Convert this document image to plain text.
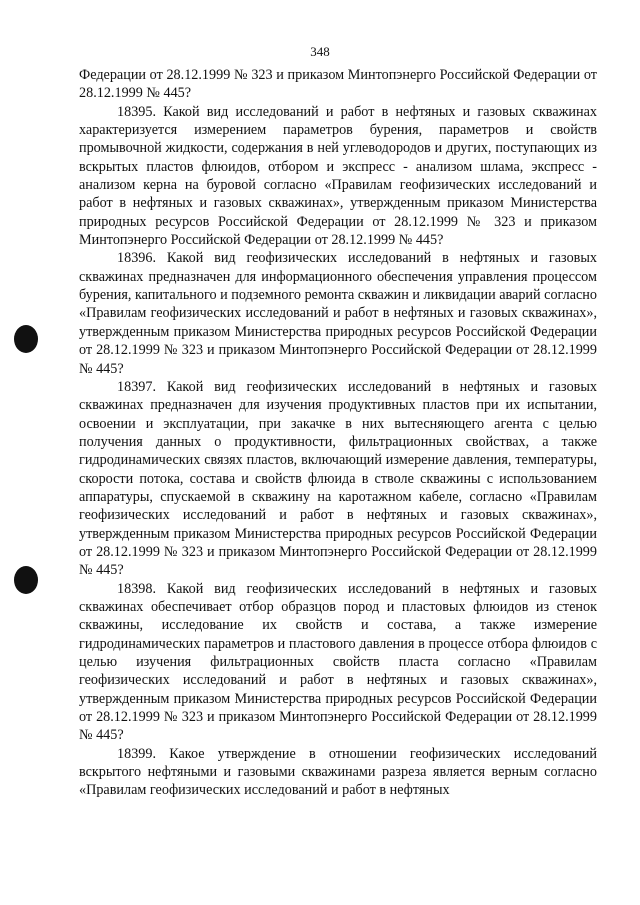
348

Федерации от 28.12.1999 № 323 и приказом Минтопэнерго Российской Федерации от 28.12.1999 № 445?

18395. Какой вид исследований и работ в нефтяных и газовых скважинах характеризуется измерением параметров бурения, параметров и свойств промывочной жидкости, содержания в ней углеводородов и других, поступающих из вскрытых пластов флюидов, отбором и экспресс - анализом шлама, экспресс - анализом керна на буровой согласно «Правилам геофизических исследований и работ в нефтяных и газовых скважинах», утвержденным приказом Министерства природных ресурсов Российской Федерации от 28.12.1999 № 323 и приказом Минтопэнерго Российской Федерации от 28.12.1999 № 445?

18396. Какой вид геофизических исследований в нефтяных и газовых скважинах предназначен для информационного обеспечения управления процессом бурения, капитального и подземного ремонта скважин и ликвидации аварий согласно «Правилам геофизических исследований и работ в нефтяных и газовых скважинах», утвержденным приказом Министерства природных ресурсов Российской Федерации от 28.12.1999 № 323 и приказом Минтопэнерго Российской Федерации от 28.12.1999 № 445?

18397. Какой вид геофизических исследований в нефтяных и газовых скважинах предназначен для изучения продуктивных пластов при их испытании, освоении и эксплуатации, при закачке в них вытесняющего агента с целью получения данных о продуктивности, фильтрационных свойствах, а также гидродинамических связях пластов, включающий измерение давления, температуры, скорости потока, состава и свойств флюида в стволе скважины с использованием аппаратуры, спускаемой в скважину на каротажном кабеле, согласно «Правилам геофизических исследований и работ в нефтяных и газовых скважинах», утвержденным приказом Министерства природных ресурсов Российской Федерации от 28.12.1999 № 323 и приказом Минтопэнерго Российской Федерации от 28.12.1999 № 445?

18398. Какой вид геофизических исследований в нефтяных и газовых скважинах обеспечивает отбор образцов пород и пластовых флюидов из стенок скважины, исследование их свойств и состава, а также измерение гидродинамических параметров и пластового давления в процессе отбора флюидов с целью изучения фильтрационных свойств пласта согласно «Правилам геофизических исследований и работ в нефтяных и газовых скважинах», утвержденным приказом Министерства природных ресурсов Российской Федерации от 28.12.1999 № 323 и приказом Минтопэнерго Российской Федерации от 28.12.1999 № 445?

18399. Какое утверждение в отношении геофизических исследований вскрытого нефтяными и газовыми скважинами разреза является верным согласно «Правилам геофизических исследований и работ в нефтяных
